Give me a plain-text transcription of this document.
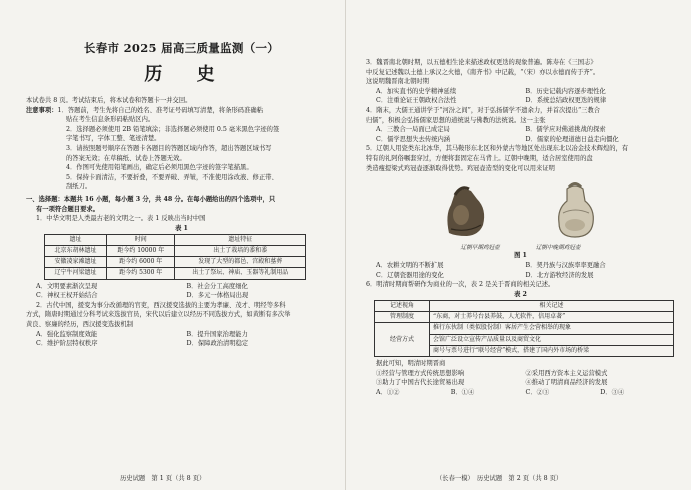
长春市 2025 届高三质量监测（一）
历 史
本试卷共 8 页。考试结束后，将本试卷和答题卡一并交回。
注意事项：1．答题前，考生先将自己的姓名、准考证号码填写清楚，将条形码准确粘
贴在考生信息条形码粘贴区内。
2．选择题必须使用 2B 铅笔填涂；非选择题必须使用 0.5 毫米黑色字迹的签
字笔书写，字体工整、笔迹清楚。
3．请按照题号顺序在答题卡各题目的答题区域内作答，超出答题区域书写
的答案无效；在草稿纸、试卷上答题无效。
4．作图可先使用铅笔画出，确定后必须用黑色字迹的签字笔描黑。
5．保持卡面清洁，不要折叠，不要弄破、弄皱，不准使用涂改液、修正带、
刮纸刀。
一、选择题：本题共 16 小题，每小题 3 分，共 48 分。在每小题给出的四个选项中，只
有一项符合题目要求。
1．中华文明是人类最古老的文明之一。表 1 反映出当时中国
表 1
遗址	时间	遗址特征
北京东胡林遗址	距今约 10000 年	出土了栽培的黍和黍
安徽凌家滩遗址	距今约 6000 年	发现了大型的都邑、宫殿和墓葬
辽宁牛河梁遗址	距今约 5300 年	出土了祭坛、神庙、玉器等礼制用品
A．文明要素渐次呈现	B．社会分工高度细化
C．神权王权开始结合	D．多元一体格局出现
2．古代中国，援变为事分改循理的官吏，西汉援变选拔的主要为孝廉、茂才、明经等多科
方式，隋唐时期通过分科考试来选拔官员，宋代以后建立以经历不同选拔方式，如黄断有多次举
黄良、察廉的经历，西汉援变选拔机制
A．强化监察制度效能	B．提升国家治理能力
C．维护阶层特权秩序	D．保障政治清明稳定
历史试题　第 1 页（共 8 页）
3．魏晋南北朝时期，以五德相生论来描述政权更迭的现象普遍。陈寿在《三国志》
中反复记述魏以土德上承汉之火德，《南齐书》中记载，“（宋）亦以水德而传于齐”。
这说明魏晋南北朝时期
A．加实直书的史学精神延续	B．历史记载内容逐步理性化
C．注重论证王朝政权合法性	D．系统总结政权更迭的规律
4．隋末，大儒王通讲学于“河汾之间”，对于弘扬儒学不遗余力，并首次提出“三教合
归儒”，积极会弘扬儒家思想的道统说与佛教的法统说。这一主张
A．三教合一局面已成定局	B．儒学应对佛道挑战的探索
C．儒学思想失去传统内涵	D．儒家的伦理道德日益走向僵化
5．辽朝人用瓷类东北冰华，其马鞍形东北区和外蒙古等地区处出现东北以冶金技术辉煌的，有
特有的礼阿俗嘱套穿过，方便将套固定在马背上。辽朝中晚期，适合居室使用的盘
类造瘦提梁式鸡冠壶逐渐取得优势。鸡冠壶造型的变化可以用来证明
辽朝早期鸡冠壶	辽朝中晚期鸡冠壶
图 1
A．农耕文明的不断扩展	B．契丹族与汉族率率更融合
C．辽朝瓷器用途的变化	D．北方游牧经济的发展
6．明清时期商帮研作为商业的一次，表 2 是关于晋商的相关记述。
表 2
记述视角	相关记述
管理制度	“东商，对士养号台县养鼓，人尤软件，信用卓著”
经营方式	推行东伙制（类似股份制）客居产生会营相举的现象
	会馆广泛设立宣传产品质量以及商贸文化
	商号与票号进行“联号经营”模式，搭建了国内外市场的桥梁
据此可知，明清时期晋商
①经营与管理方式传统思想影响	②采用西方资本主义运营模式
③助力了中国古代长途贸易出现	④推动了明清商品经济的发展
A．①②	B．①④	C．②③	D．③④
（长春一模）　历史试题　第 2 页（共 8 页）
